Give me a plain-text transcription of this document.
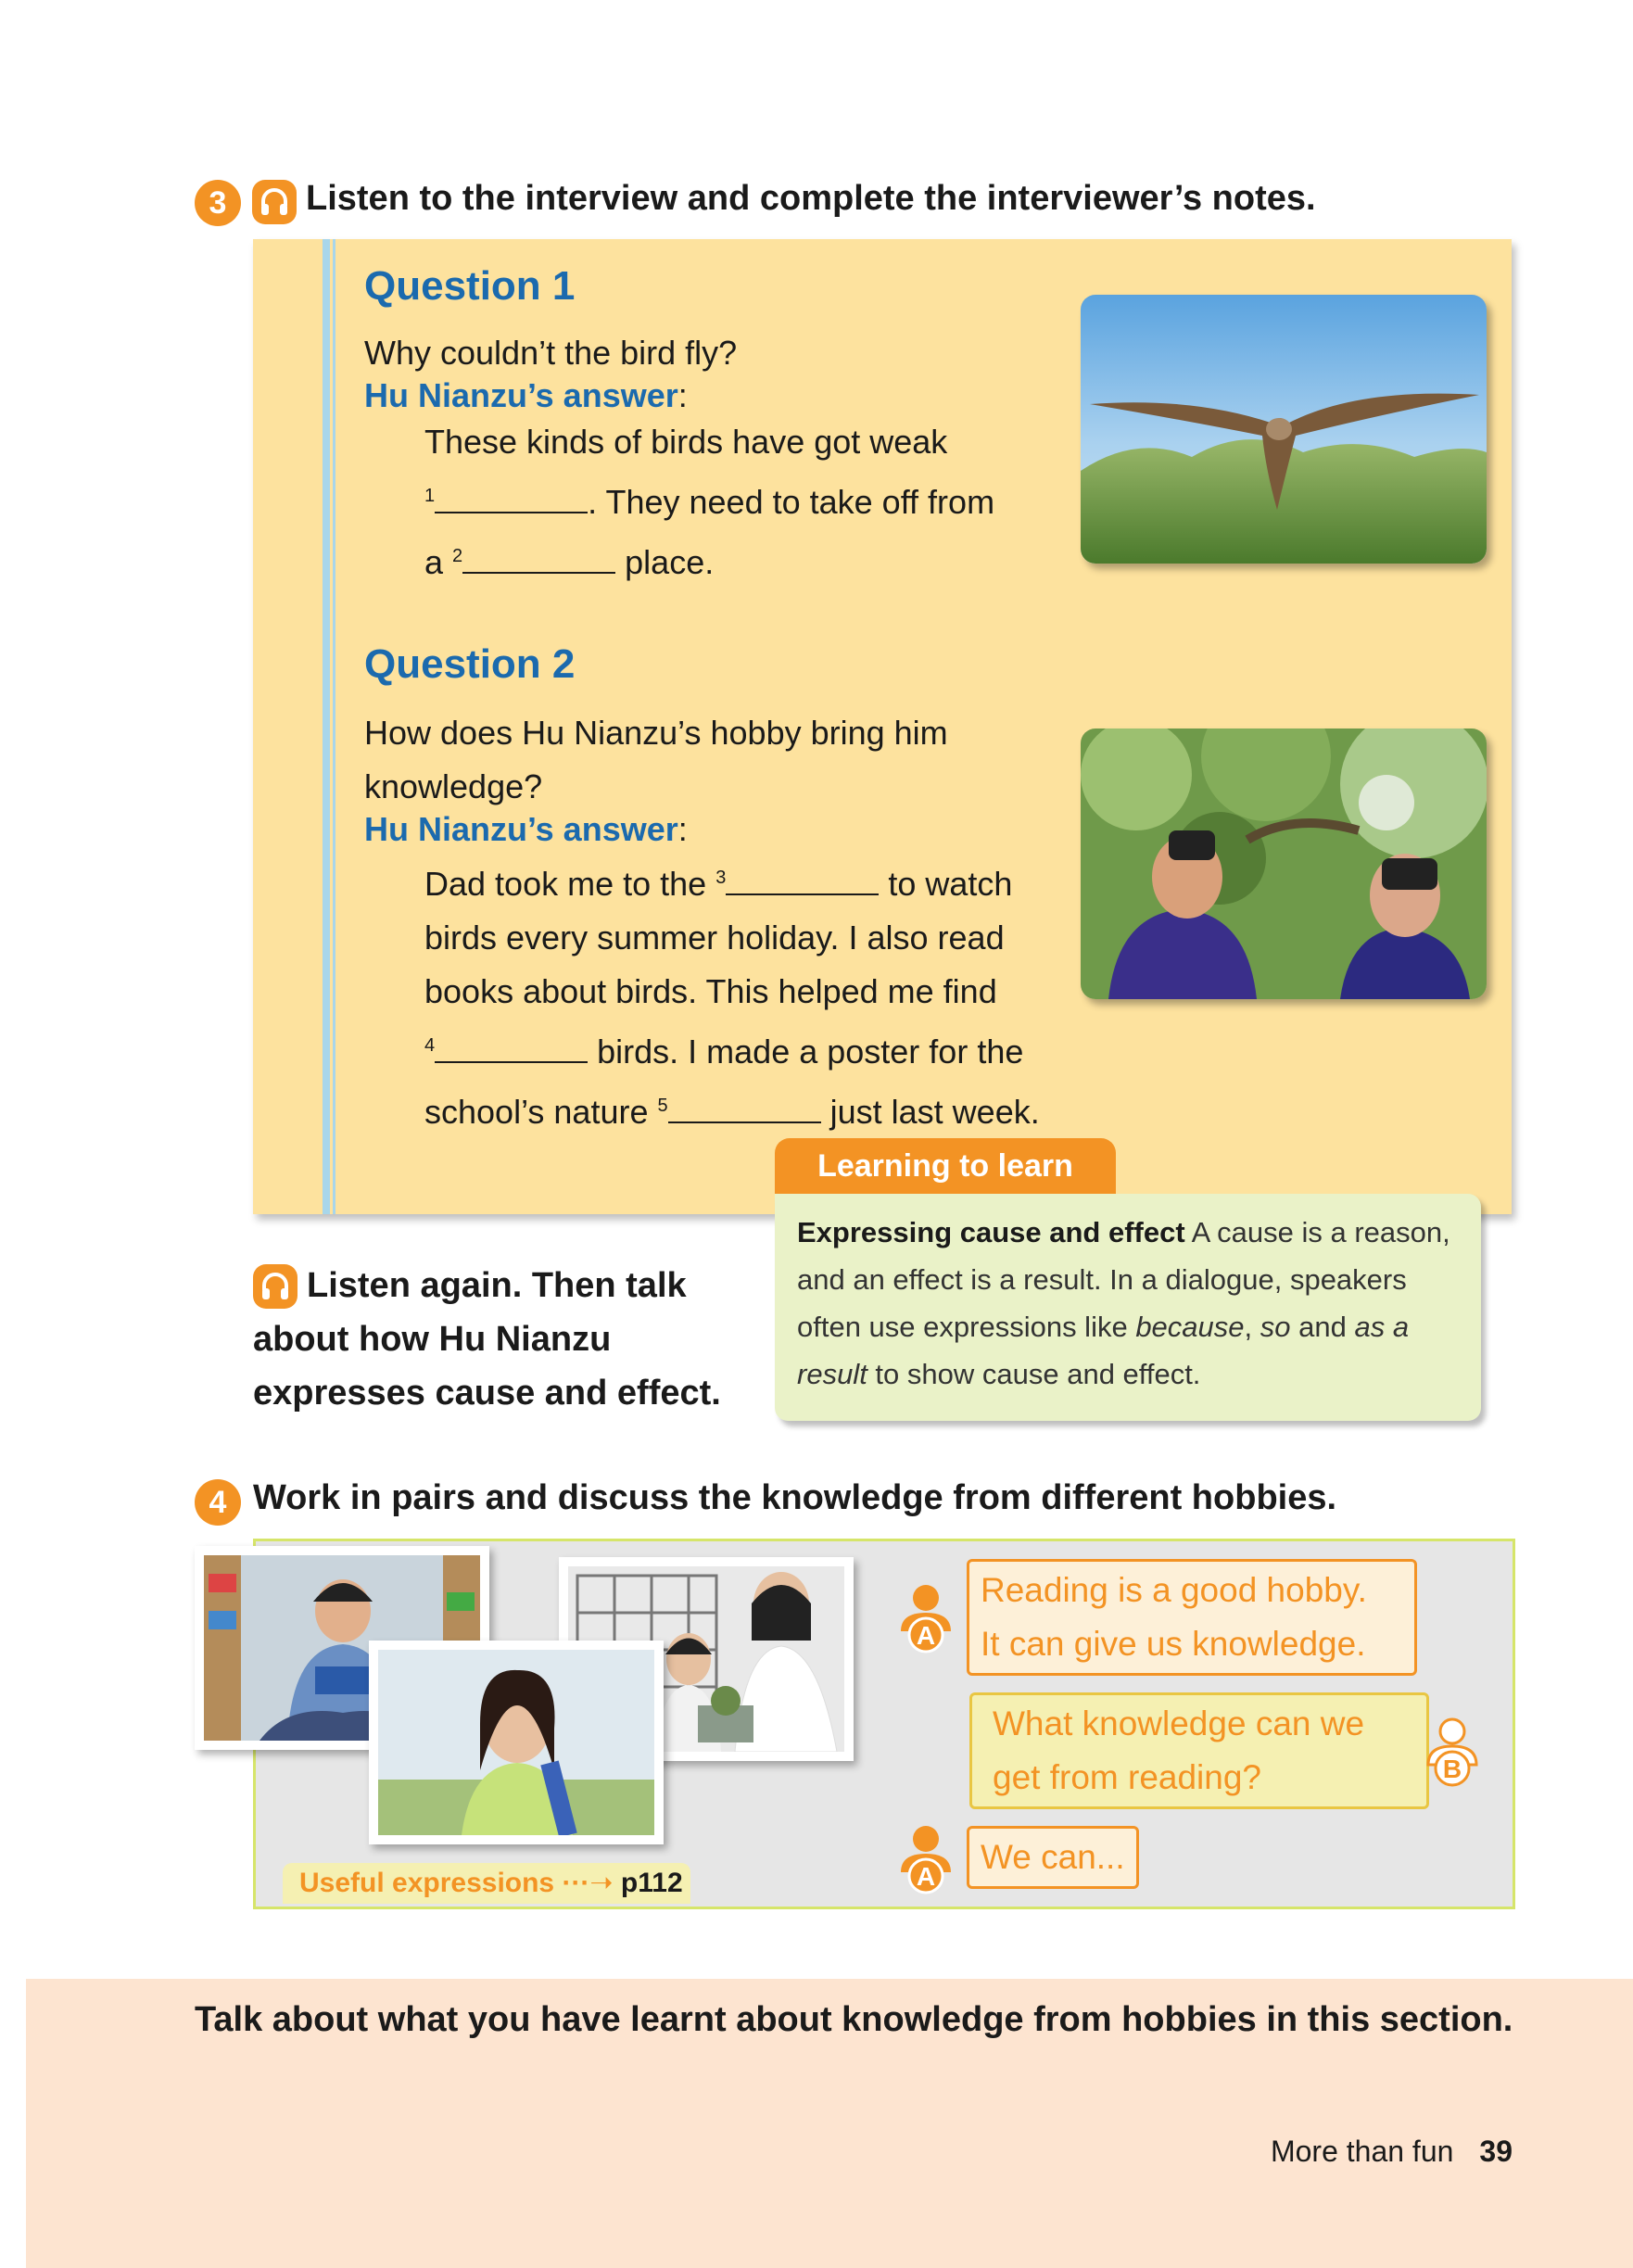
3	Listen to the interview and complete the interviewer’s notes.
Question 1
Why couldn’t the bird fly?
Hu Nianzu’s answer:
These kinds of birds have got weak
$^1$	. They need to take off from
a $^2$	place.
Question 2
How does Hu Nianzu’s hobby bring him
knowledge?
Hu Nianzu’s answer:
Dad took me to the $^3$	to watch
birds every summer holiday. I also read
books about birds. This helped me find
$^4$	birds. I made a poster for the
school’s nature $^5$	just last week.
Learning to learn
Expressing cause and effect A cause is a reason, and an effect is a result. In a dialogue, speakers often use expressions like because, so and as a result to show cause and effect.
Listen again. Then talk about how Hu Nianzu expresses cause and effect.
4 Work in pairs and discuss the knowledge from different hobbies.
A
Reading is a good hobby.
It can give us knowledge.
What knowledge can we
get from reading?	B
A
We can...
Useful expressions ···➝ p112
Talk about what you have learnt about knowledge from hobbies in this section.
More than fun 39
